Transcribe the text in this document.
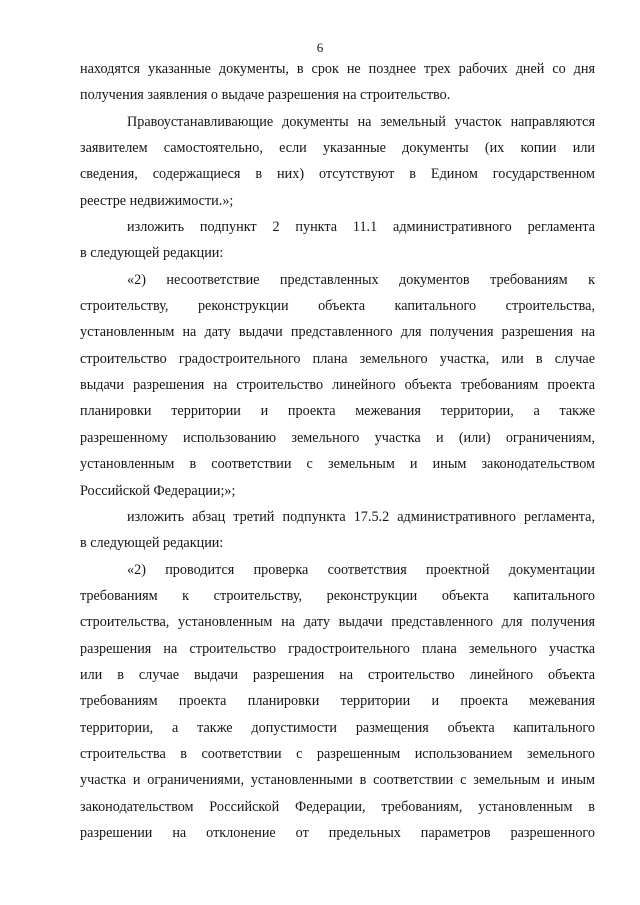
6
находятся указанные документы, в срок не позднее трех рабочих дней со дня
получения заявления о выдаче разрешения на строительство.
Правоустанавливающие документы на земельный участок направляются
заявителем самостоятельно, если указанные документы (их копии или
сведения, содержащиеся в них) отсутствуют в Едином государственном
реестре недвижимости.»;
изложить подпункт 2 пункта 11.1 административного регламента
в следующей редакции:
«2) несоответствие представленных документов требованиям к
строительству, реконструкции объекта капитального строительства,
установленным на дату выдачи представленного для получения разрешения на
строительство градостроительного плана земельного участка, или в случае
выдачи разрешения на строительство линейного объекта требованиям проекта
планировки территории и проекта межевания территории, а также
разрешенному использованию земельного участка и (или) ограничениям,
установленным в соответствии с земельным и иным законодательством
Российской Федерации;»;
изложить абзац третий подпункта 17.5.2 административного регламента,
в следующей редакции:
«2) проводится проверка соответствия проектной документации
требованиям к строительству, реконструкции объекта капитального
строительства, установленным на дату выдачи представленного для получения
разрешения на строительство градостроительного плана земельного участка
или в случае выдачи разрешения на строительство линейного объекта
требованиям проекта планировки территории и проекта межевания
территории, а также допустимости размещения объекта капитального
строительства в соответствии с разрешенным использованием земельного
участка и ограничениями, установленными в соответствии с земельным и иным
законодательством Российской Федерации, требованиям, установленным в
разрешении на отклонение от предельных параметров разрешенного
